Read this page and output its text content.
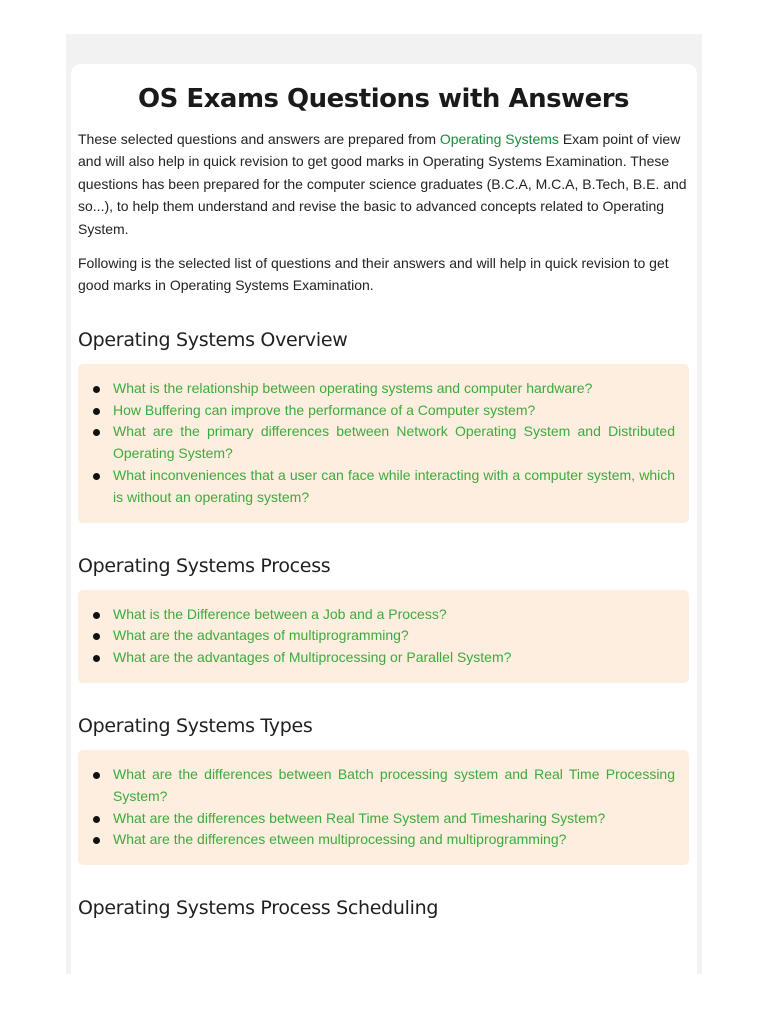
OS Exams Questions with Answers

These selected questions and answers are prepared from Operating Systems Exam point of view and will also help in quick revision to get good marks in Operating Systems Examination. These questions has been prepared for the computer science graduates (B.C.A, M.C.A, B.Tech, B.E. and so...), to help them understand and revise the basic to advanced concepts related to Operating System.

Following is the selected list of questions and their answers and will help in quick revision to get good marks in Operating Systems Examination.

Operating Systems Overview
What is the relationship between operating systems and computer hardware?
How Buffering can improve the performance of a Computer system?
What are the primary differences between Network Operating System and Distributed Operating System?
What inconveniences that a user can face while interacting with a computer system, which is without an operating system?
Operating Systems Process
What is the Difference between a Job and a Process?
What are the advantages of multiprogramming?
What are the advantages of Multiprocessing or Parallel System?
Operating Systems Types
What are the differences between Batch processing system and Real Time Processing System?
What are the differences between Real Time System and Timesharing System?
What are the differences etween multiprocessing and multiprogramming?
Operating Systems Process Scheduling
